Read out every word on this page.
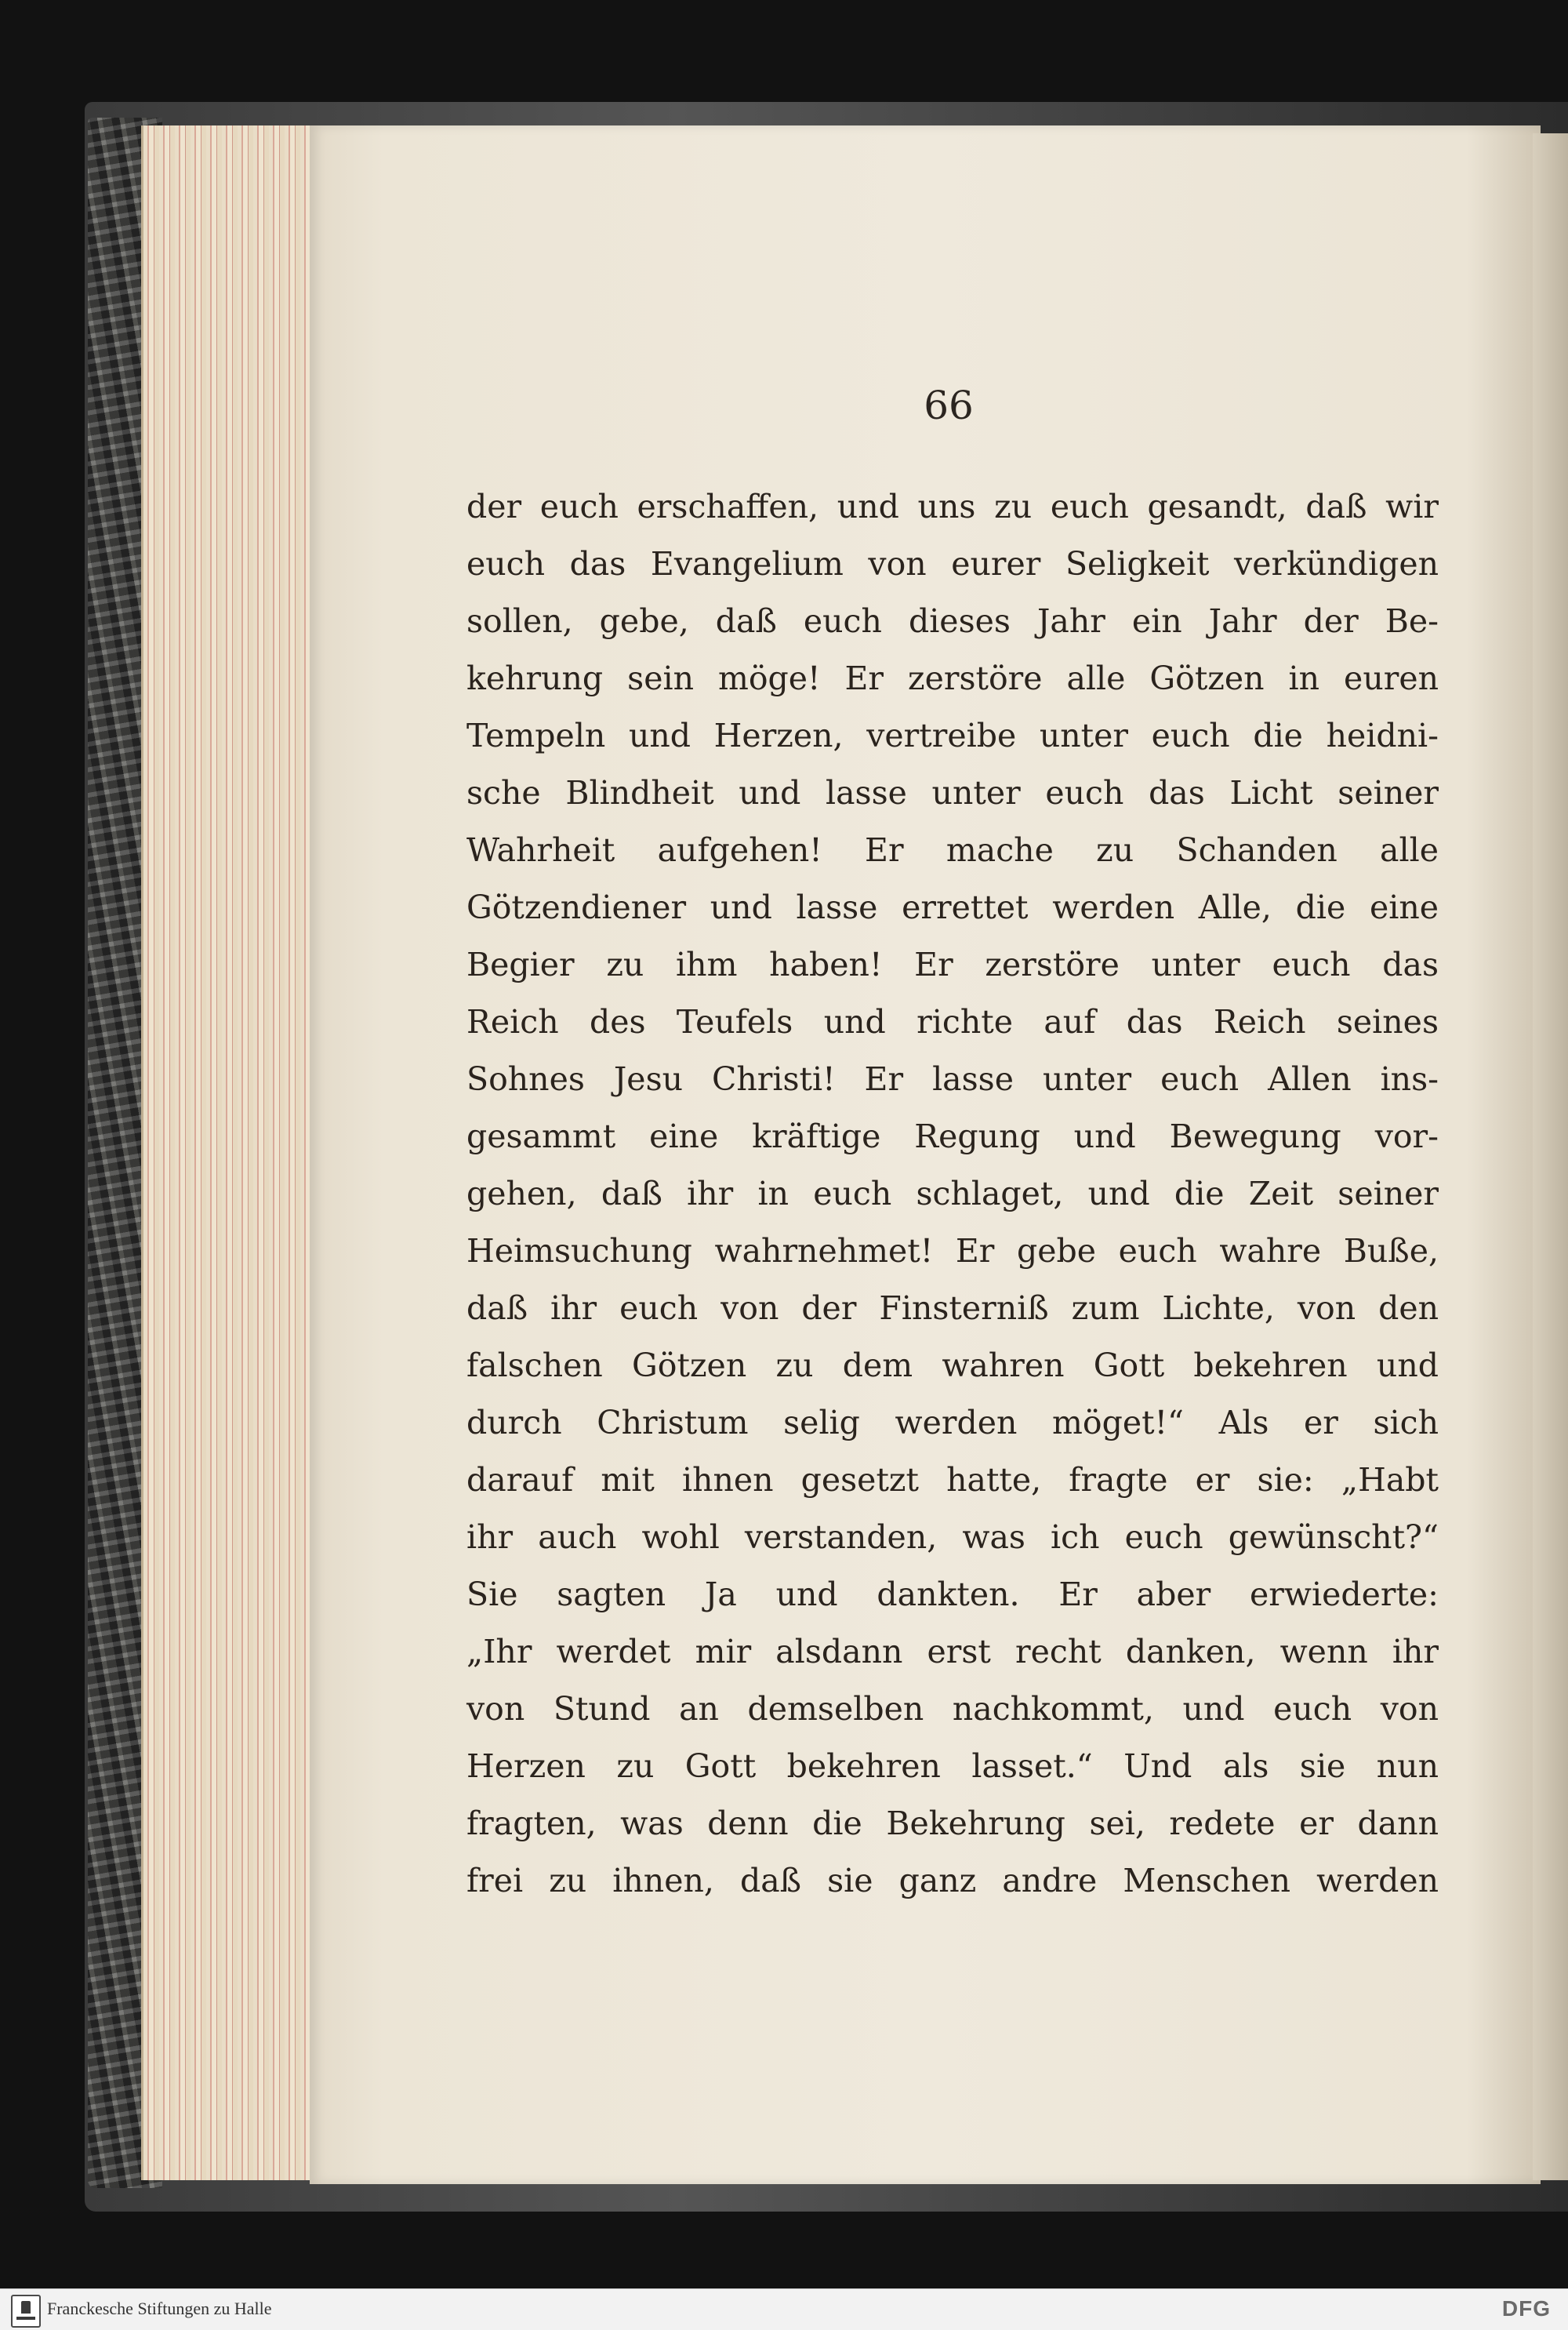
66
der euch erschaffen, und uns zu euch gesandt, daß wir
euch das Evangelium von eurer Seligkeit verkündigen
sollen, gebe, daß euch dieses Jahr ein Jahr der Be-
kehrung sein möge! Er zerstöre alle Götzen in euren
Tempeln und Herzen, vertreibe unter euch die heidni-
sche Blindheit und lasse unter euch das Licht seiner
Wahrheit aufgehen! Er mache zu Schanden alle
Götzendiener und lasse errettet werden Alle, die eine
Begier zu ihm haben! Er zerstöre unter euch das
Reich des Teufels und richte auf das Reich seines
Sohnes Jesu Christi! Er lasse unter euch Allen ins-
gesammt eine kräftige Regung und Bewegung vor-
gehen, daß ihr in euch schlaget, und die Zeit seiner
Heimsuchung wahrnehmet! Er gebe euch wahre Buße,
daß ihr euch von der Finsterniß zum Lichte, von den
falschen Götzen zu dem wahren Gott bekehren und
durch Christum selig werden möget!“ Als er sich
darauf mit ihnen gesetzt hatte, fragte er sie: „Habt
ihr auch wohl verstanden, was ich euch gewünscht?“
Sie sagten Ja und dankten. Er aber erwiederte:
„Ihr werdet mir alsdann erst recht danken, wenn ihr
von Stund an demselben nachkommt, und euch von
Herzen zu Gott bekehren lasset.“ Und als sie nun
fragten, was denn die Bekehrung sei, redete er dann
frei zu ihnen, daß sie ganz andre Menschen werden
Franckesche Stiftungen zu Halle	DFG
